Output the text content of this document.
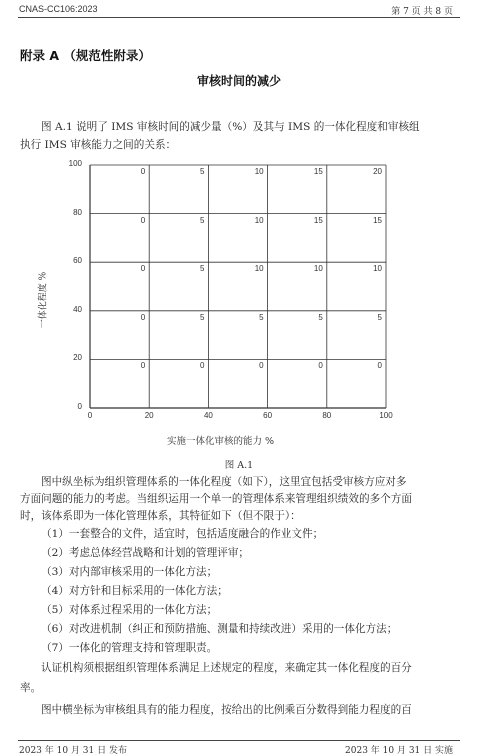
CNAS-CC106:2023	第 7 页 共 8 页
附录 A （规范性附录）
审核时间的减少
图 A.1 说明了 IMS 审核时间的减少量（%）及其与 IMS 的一体化程度和审核组
执行 IMS 审核能力之间的关系：
0
20
40
60
80
100
0	20	40	60	80	100
0	5	10	15	20
0	5	10	15	15
0	5	10	10	10
0	5	5	5	5
0	0	0	0	0
一体化程度 %
实施一体化审核的能力 %
图 A.1
图中纵坐标为组织管理体系的一体化程度（如下），这里宜包括受审核方应对多
方面问题的能力的考虑。当组织运用一个单一的管理体系来管理组织绩效的多个方面
时，该体系即为一体化管理体系，其特征如下（但不限于）：
（1）一套整合的文件，适宜时，包括适度融合的作业文件；
（2）考虑总体经营战略和计划的管理评审；
（3）对内部审核采用的一体化方法；
（4）对方针和目标采用的一体化方法；
（5）对体系过程采用的一体化方法；
（6）对改进机制（纠正和预防措施、测量和持续改进）采用的一体化方法；
（7）一体化的管理支持和管理职责。
认证机构须根据组织管理体系满足上述规定的程度，来确定其一体化程度的百分
率。
图中横坐标为审核组具有的能力程度，按给出的比例乘百分数得到能力程度的百
2023 年 10 月 31 日 发布	2023 年 10 月 31 日 实施
